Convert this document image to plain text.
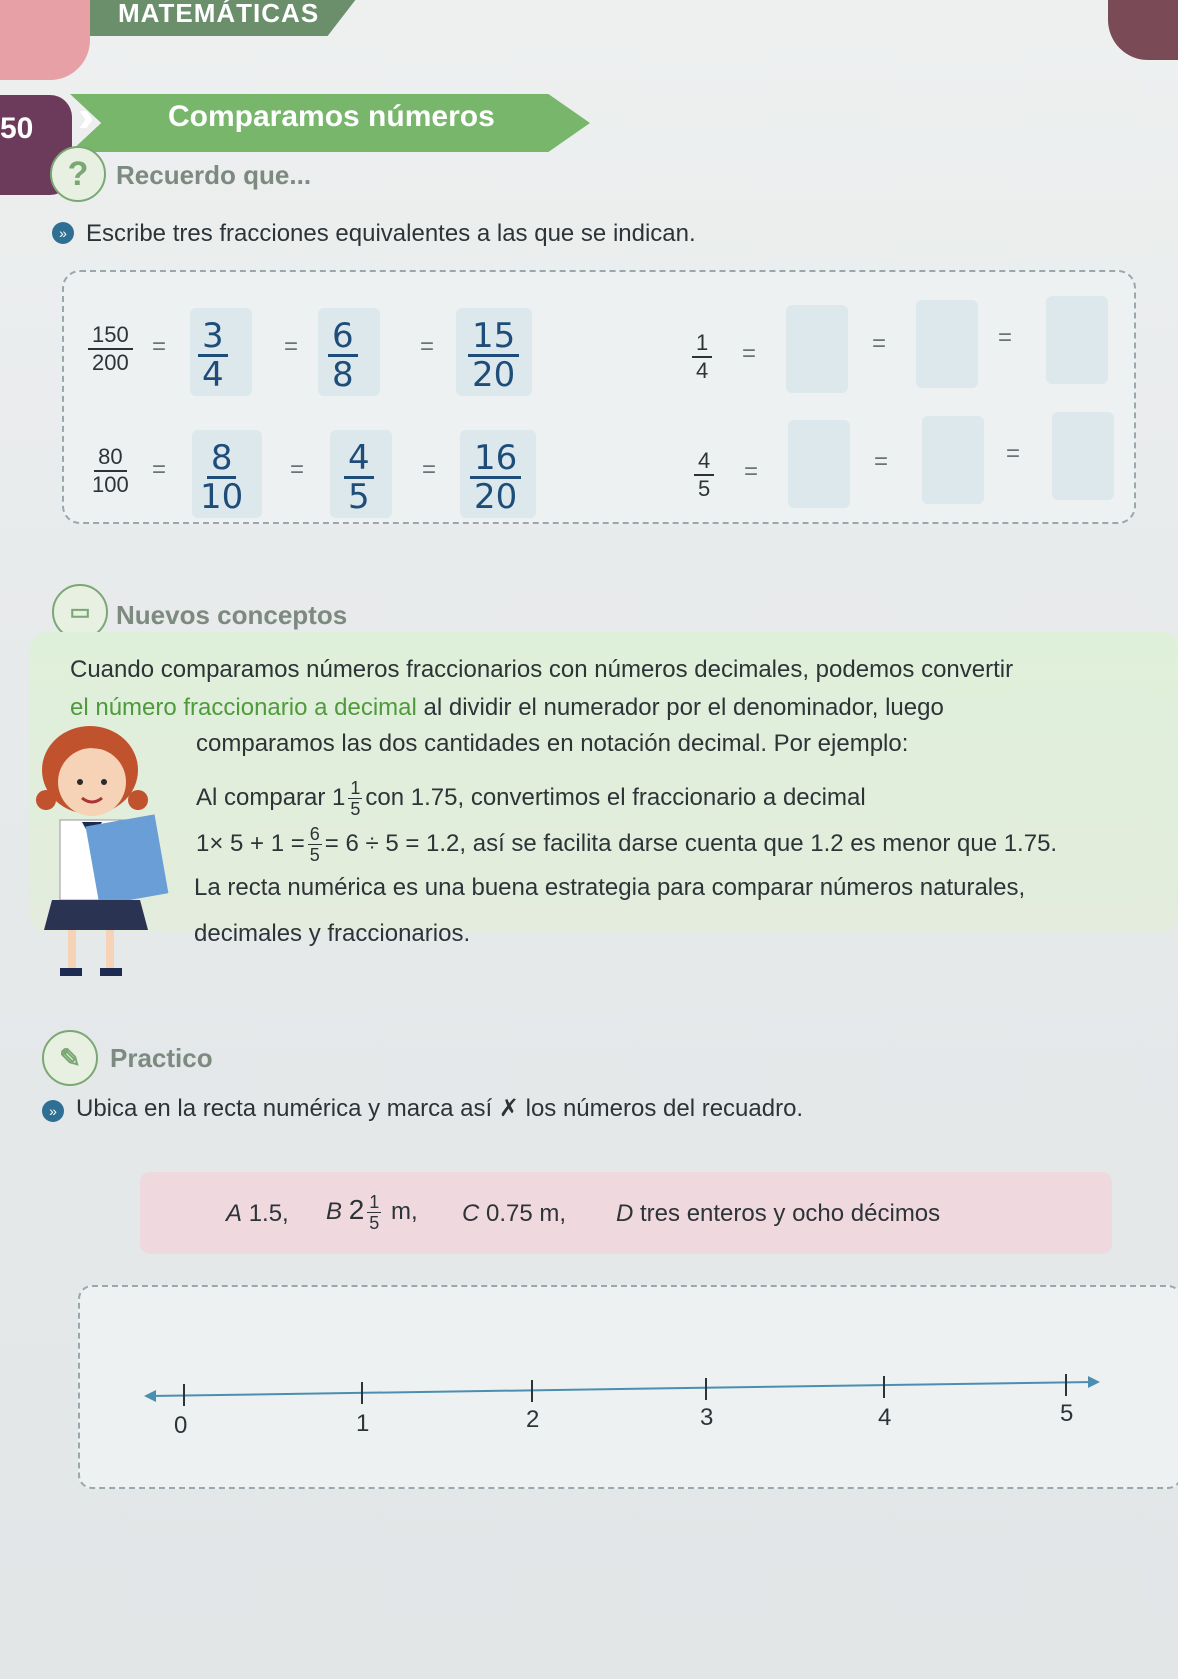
MATEMÁTICAS
50 ›››	Comparamos números
?	Recuerdo que...
» Escribe tres fracciones equivalentes a las que se indican.
$\frac{150}{200} = \frac{3}{4} = \frac{6}{8}$	= $\frac{15}{20}$	$\frac{1}{4}$ =	=	=
$\frac{80}{100} = \frac{8}{10} = \frac{4}{5} = \frac{16}{20}$	$\frac{4}{5}$ =	=	=
▭ Nuevos conceptos
Cuando comparamos números fraccionarios con números decimales, podemos convertir
el número fraccionario a decimal al dividir el numerador por el denominador, luego
comparamos las dos cantidades en notación decimal. Por ejemplo:
Al comparar $1 \frac{1}{5}$ con 1.75, convertimos el fraccionario a decimal
$1\times 5 + 1 = \frac{6}{5} = 6 \div 5 = 1.2$, así se facilita darse cuenta que 1.2 es menor que 1.75.
La recta numérica es una buena estrategia para comparar números naturales,
decimales y fraccionarios.
✎	Practico
» Ubica en la recta numérica y marca así ✗ los números del recuadro.
A 1.5, B $2 \frac{1}{5} m$, C 0.75 m, D tres enteros y ocho décimos
0	1	2	3	4	5
